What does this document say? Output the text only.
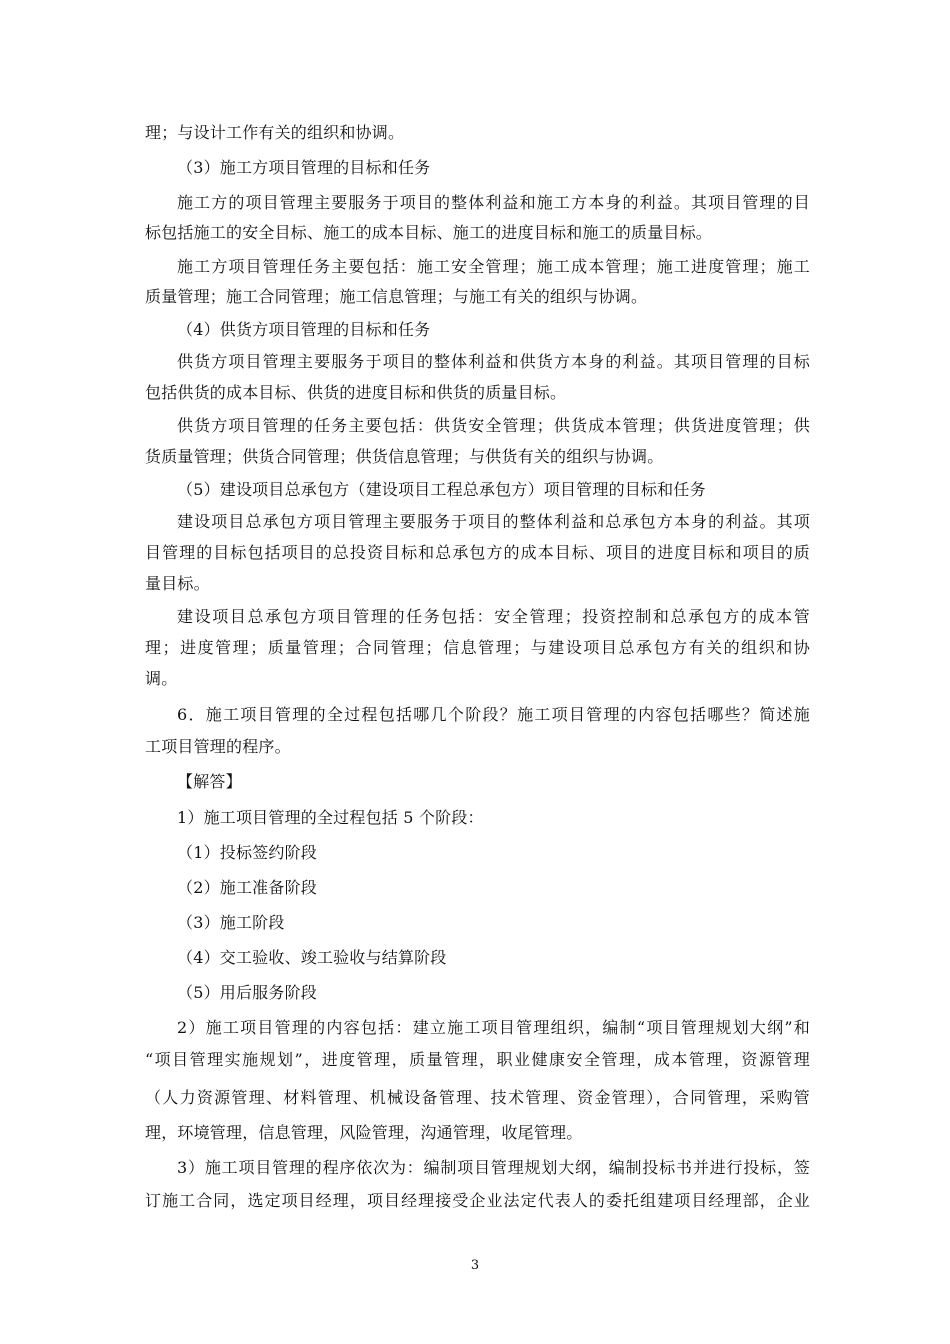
理；与设计工作有关的组织和协调。
（3）施工方项目管理的目标和任务
施工方的项目管理主要服务于项目的整体利益和施工方本身的利益。其项目管理的目
标包括施工的安全目标、施工的成本目标、施工的进度目标和施工的质量目标。
施工方项目管理任务主要包括：施工安全管理；施工成本管理；施工进度管理；施工
质量管理；施工合同管理；施工信息管理；与施工有关的组织与协调。
（4）供货方项目管理的目标和任务
供货方项目管理主要服务于项目的整体利益和供货方本身的利益。其项目管理的目标
包括供货的成本目标、供货的进度目标和供货的质量目标。
供货方项目管理的任务主要包括：供货安全管理；供货成本管理；供货进度管理；供
货质量管理；供货合同管理；供货信息管理；与供货有关的组织与协调。
（5）建设项目总承包方（建设项目工程总承包方）项目管理的目标和任务
建设项目总承包方项目管理主要服务于项目的整体利益和总承包方本身的利益。其项
目管理的目标包括项目的总投资目标和总承包方的成本目标、项目的进度目标和项目的质
量目标。
建设项目总承包方项目管理的任务包括：安全管理；投资控制和总承包方的成本管
理；进度管理；质量管理；合同管理；信息管理；与建设项目总承包方有关的组织和协
调。
6．施工项目管理的全过程包括哪几个阶段？施工项目管理的内容包括哪些？简述施
工项目管理的程序。
【解答】
1）施工项目管理的全过程包括 5 个阶段：
（1）投标签约阶段
（2）施工准备阶段
（3）施工阶段
（4）交工验收、竣工验收与结算阶段
（5）用后服务阶段
2）施工项目管理的内容包括：建立施工项目管理组织，编制“项目管理规划大纲”和
“项目管理实施规划”，进度管理，质量管理，职业健康安全管理，成本管理，资源管理
（人力资源管理、材料管理、机械设备管理、技术管理、资金管理），合同管理，采购管
理，环境管理，信息管理，风险管理，沟通管理，收尾管理。
3）施工项目管理的程序依次为：编制项目管理规划大纲，编制投标书并进行投标，签
订施工合同，选定项目经理，项目经理接受企业法定代表人的委托组建项目经理部，企业
3
